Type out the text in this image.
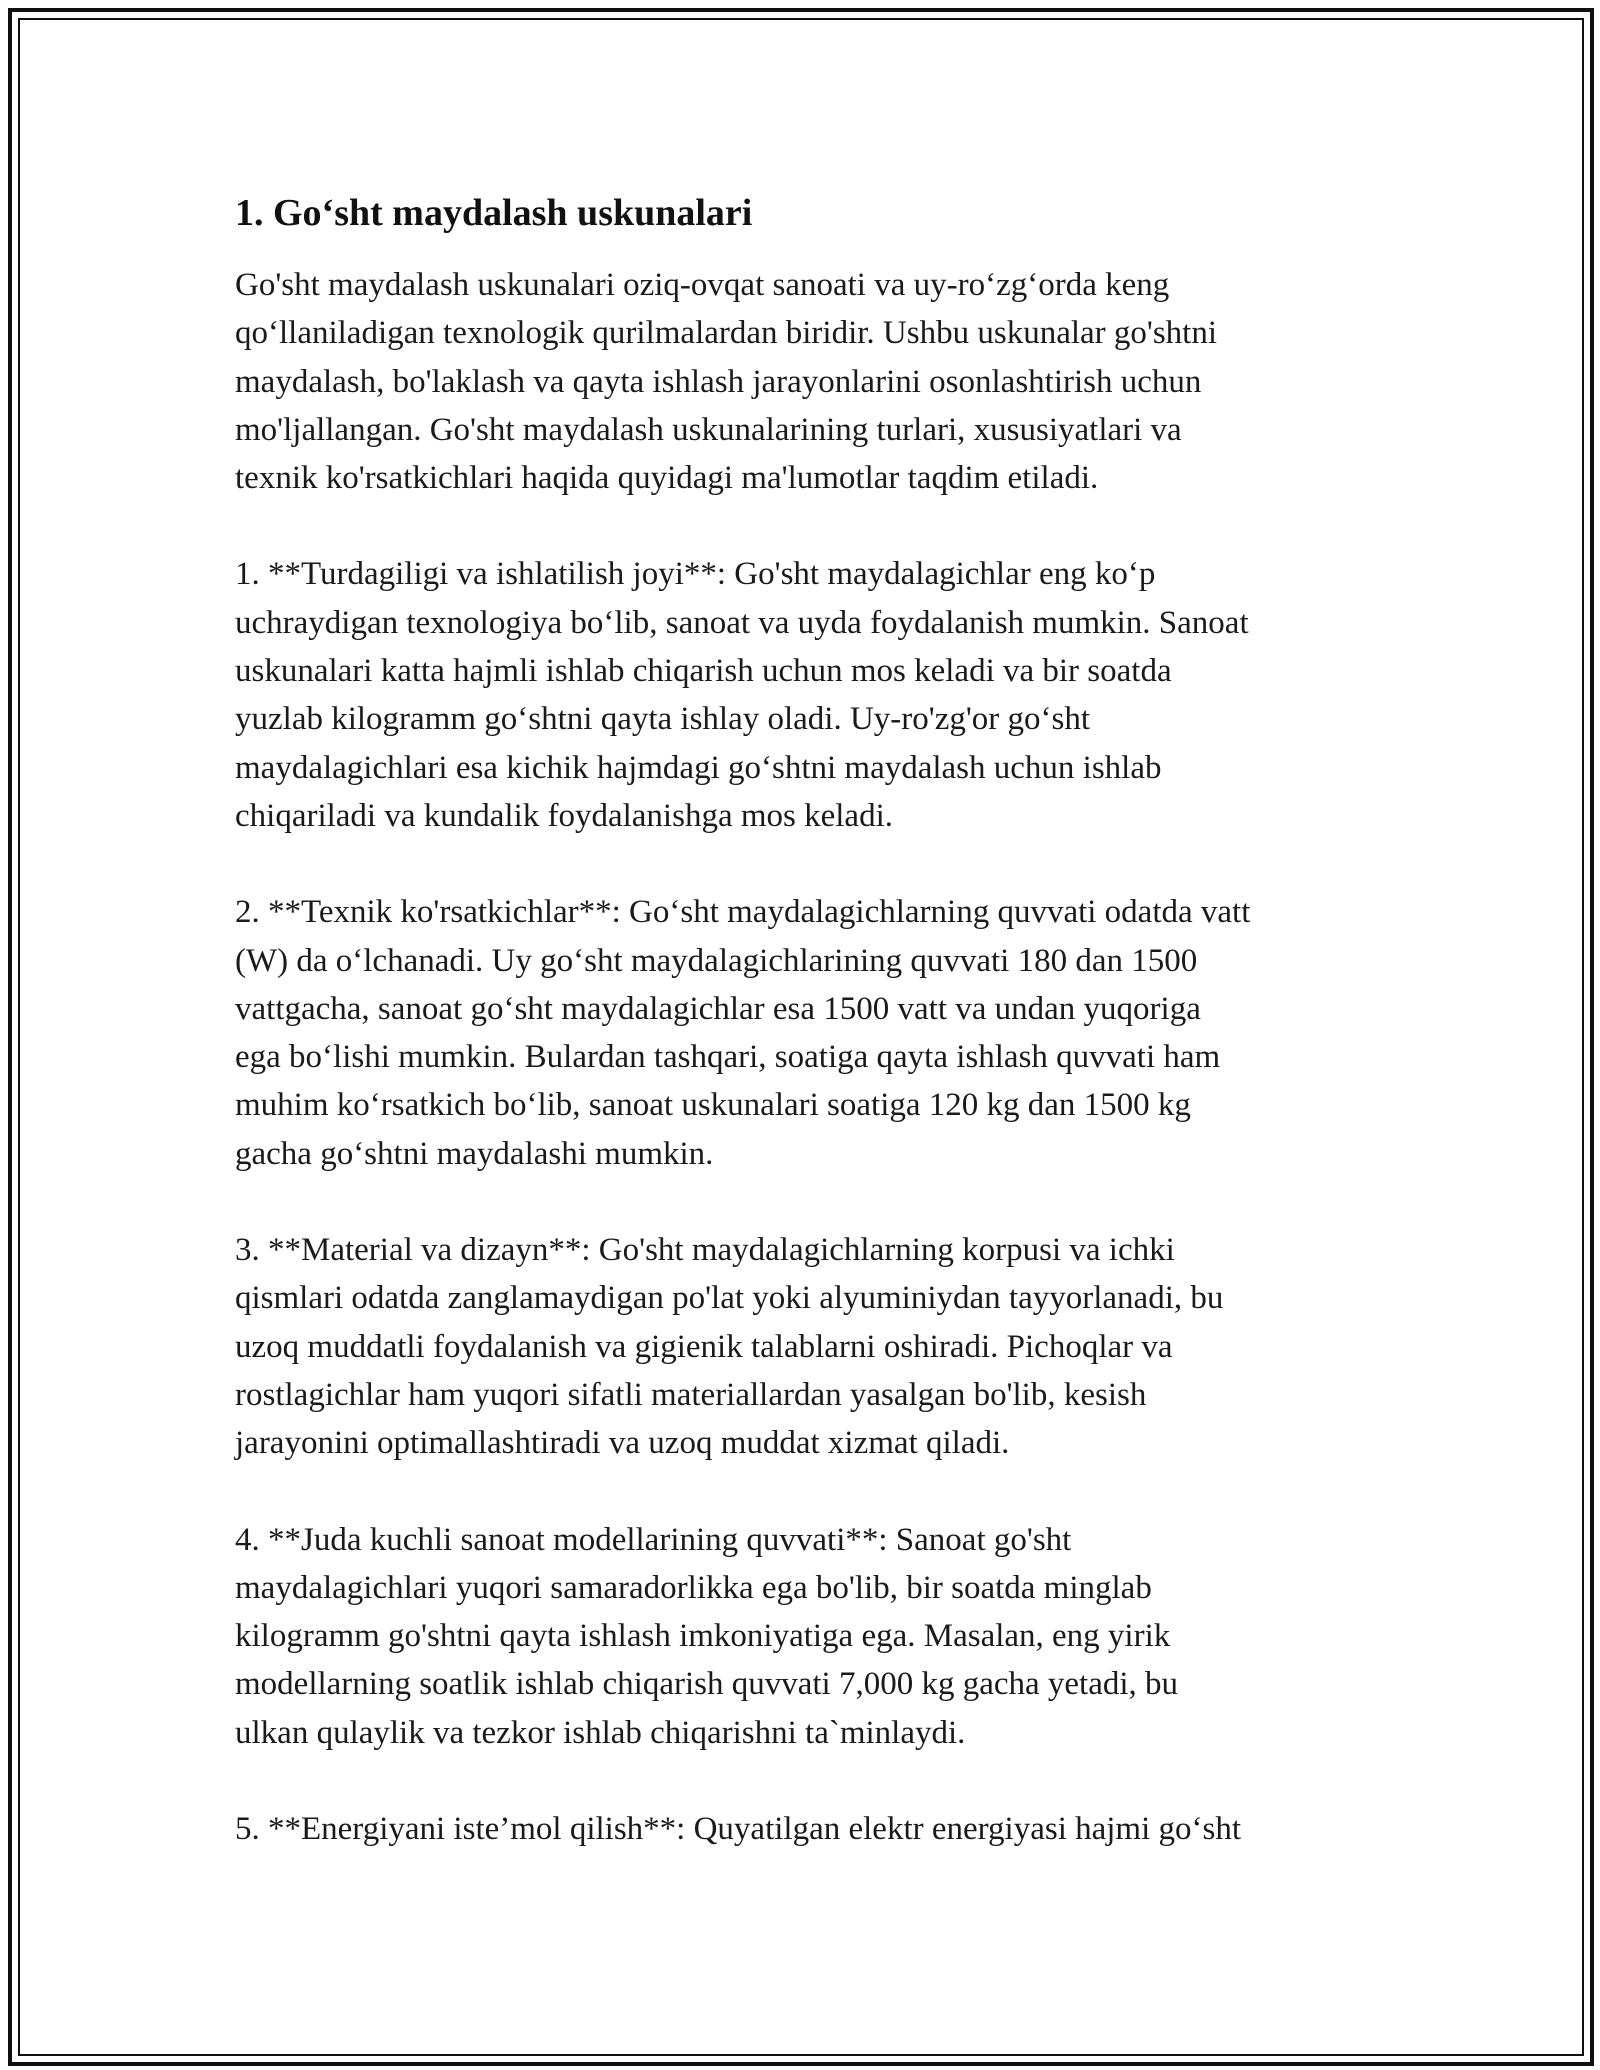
1. Go‘sht maydalash uskunalari

Go'sht maydalash uskunalari oziq-ovqat sanoati va uy-ro‘zg‘orda keng
qo‘llaniladigan texnologik qurilmalardan biridir. Ushbu uskunalar go'shtni
maydalash, bo'laklash va qayta ishlash jarayonlarini osonlashtirish uchun
mo'ljallangan. Go'sht maydalash uskunalarining turlari, xususiyatlari va
texnik ko'rsatkichlari haqida quyidagi ma'lumotlar taqdim etiladi.

1. **Turdagiligi va ishlatilish joyi**: Go'sht maydalagichlar eng ko‘p
uchraydigan texnologiya bo‘lib, sanoat va uyda foydalanish mumkin. Sanoat
uskunalari katta hajmli ishlab chiqarish uchun mos keladi va bir soatda
yuzlab kilogramm go‘shtni qayta ishlay oladi. Uy-ro'zg'or go‘sht
maydalagichlari esa kichik hajmdagi go‘shtni maydalash uchun ishlab
chiqariladi va kundalik foydalanishga mos keladi.

2. **Texnik ko'rsatkichlar**: Go‘sht maydalagichlarning quvvati odatda vatt
(W) da o‘lchanadi. Uy go‘sht maydalagichlarining quvvati 180 dan 1500
vattgacha, sanoat go‘sht maydalagichlar esa 1500 vatt va undan yuqoriga
ega bo‘lishi mumkin. Bulardan tashqari, soatiga qayta ishlash quvvati ham
muhim ko‘rsatkich bo‘lib, sanoat uskunalari soatiga 120 kg dan 1500 kg
gacha go‘shtni maydalashi mumkin.

3. **Material va dizayn**: Go'sht maydalagichlarning korpusi va ichki
qismlari odatda zanglamaydigan po'lat yoki alyuminiydan tayyorlanadi, bu
uzoq muddatli foydalanish va gigienik talablarni oshiradi. Pichoqlar va
rostlagichlar ham yuqori sifatli materiallardan yasalgan bo'lib, kesish
jarayonini optimallashtiradi va uzoq muddat xizmat qiladi.

4. **Juda kuchli sanoat modellarining quvvati**: Sanoat go'sht
maydalagichlari yuqori samaradorlikka ega bo'lib, bir soatda minglab
kilogramm go'shtni qayta ishlash imkoniyatiga ega. Masalan, eng yirik
modellarning soatlik ishlab chiqarish quvvati 7,000 kg gacha yetadi, bu
ulkan qulaylik va tezkor ishlab chiqarishni ta`minlaydi.

5. **Energiyani iste’mol qilish**: Quyatilgan elektr energiyasi hajmi go‘sht
